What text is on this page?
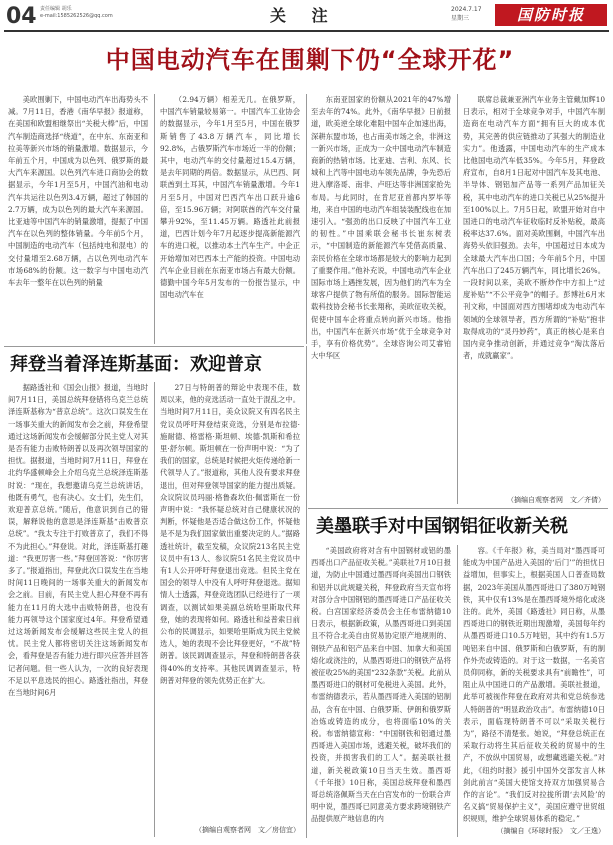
04 责任编辑 胡乐
e-mail:1585262526@qq.com	关 注	2024.7.17
星期三	国防时报
中国电动汽车在围剿下仍“全球开花”

美欧围剿下，中国电动汽车出海势头不减。7月11日，香港《南华早报》报道称，在美国和欧盟相继祭出“关税大棒”后，中国汽车制造商选择“绕道”，在中东、东南亚和拉美等新兴市场的销量激增。数据显示，今年前五个月，中国成为以色列、俄罗斯的最大汽车来源国。以色列汽车进口商协会的数据显示，今年1月至5月，中国汽油和电动汽车共运往以色列3.4万辆，超过了韩国的2.7万辆，成为以色列的最大汽车来源国。比亚迪等中国汽车的销量激增，提振了中国汽车在以色列的整体销量。今年前5个月，中国制造的电动汽车（包括纯电和混电）的交付量增至2.68万辆，占以色列电动汽车市场68%的份额。这一数字与中国电动汽车去年一整年在以色列的销量

（2.94万辆）相差无几。在俄罗斯，中国汽车销量较易第一。中国汽车工业协会的数据显示，今年1月至5月，中国在俄罗斯销售了43.8万辆汽车，同比增长92.8%，占俄罗斯汽车市场近一半的份额；其中，电动汽车的交付量超过15.4万辆，是去年同期的两倍。数据显示，从巴西、阿联酋到土耳其，中国汽车销量激增。今年1月至5月，中国对巴西汽车出口跃升逾6倍，至15.96万辆；对阿联酋的汽车交付量攀升92%，至11.45万辆。路透社此前报道，巴西计划今年7月起逐步提高新能源汽车的进口税，以推动本土汽车生产。中企正开始增加对巴西本土产能的投资。中国电动汽车企业目前在东南亚市场占有最大份额。德勤中国今年5月发布的一份报告显示，中国电动汽车在

东南亚国家的份额从2021年的47%增至去年的74%。此外，《南华早报》日前报道，欧美逆全球化难阻中国车企加速出海，深耕东盟市场，也占南美市场之余，非洲这一新兴市场，正成为一众中国电动汽车制造商新的热销市场。比亚迪、吉利、东风、长城和上汽等中国电动车领先品牌，争先恐后进入摩洛哥、南非、卢旺达等非洲国家抢先布局。与此同时，在肯尼亚首都内罗毕等地，来自中国的电动汽车组装装配线也在加速引入。“强劲的出口反映了中国汽车工业的韧性。”中国乘联会秘书长崔东树表示，“中国制造的新能源汽车凭借高质量、亲民价格在全球市场都是较大的影响力起到了重要作用。”他补充说，中国电动汽车企业国际市场上遇挫发展，因为他们的汽车为全球客户提供了物有所值的服务。国际智能运载科技协会秘书长张翔称，美欧征收关税，促使中国车企将重点转向新兴市场。他指出，中国汽车在新兴市场“优于全球竞争对手，享有价格优势”。全球咨询公司艾睿铂大中华区

联席总裁兼亚洲汽车业务主管戴加辉10日表示，相对于全球竞争对手，中国汽车制造商在电动汽车方面“拥有巨大的成本优势，其完善的供应链推动了其强大的制造业实力”。他透露，中国电动汽车的生产成本比他国电动汽车低35%。今年5月，拜登政府宣布，自8月1日起对中国汽车及其电池、半导体、钢铝加产品等一系列产品加征关税，其中电动汽车的进口关税已从25%提升至100%以上。7月5日起，欧盟开始对自中国进口的电动汽车征收临时反补贴税，最高税率达37.6%。面对美欧围剿，中国汽车出海势头依旧强劲。去年，中国超过日本成为全球最大汽车出口国；今年前5个月，中国汽车出口了245万辆汽车，同比增长26%。一段时间以来，美欧不断炒作中方扣上“过度补贴”“不公平竞争”的帽子。彭博社6月末刊文称，中国面对西方围堵却成为电动汽车领域的全球领导者，西方所谓的“补贴”抱非取得成功的“灵丹妙药”，真正的核心是来自国内竞争推动创新，并通过竞争“淘汰落后者，成就赢家”。

（摘编自观察者网　文／齐倩）
拜登当着泽连斯基面：欢迎普京

据路透社和《国会山报》报道，当地时间7月11日，美国总统拜登错将乌克兰总统泽连斯基称为“普京总统”。这次口误发生在一场事关重大的新闻发布会之前，拜登希望通过这场新闻发布会缓解部分民主党人对其是否有能力击败特朗普以及再次领导国家的担忧。据报道，当地时间7月11日，拜登在北约华盛顿峰会上介绍乌克兰总统泽连斯基时说：“现在，我想邀请乌克兰总统讲话，他既有勇气，也有决心。女士们，先生们，欢迎普京总统。”随后，他意识到自己的错误，解释说他的意思是泽连斯基“击败普京总统”。“我太专注于打败普京了，我们不得不为此担心。”拜登说。对此，泽连斯基打趣道：“我更厉害一些。”拜登回答说：“你厉害多了。”报道指出，拜登此次口误发生在当地时间11日晚间的一场事关重大的新闻发布会之前。目前，有民主党人担心拜登不再有能力在11月的大选中击败特朗普，也没有能力再领导这个国家度过4年。拜登希望通过这场新闻发布会缓解这些民主党人的担忧。民主党人都将密切关注这场新闻发布会，看拜登是否有能力进行即兴应答并回答记者问题。但一些人认为，一次的良好表现不足以平息选民的担心。路透社指出，拜登在当地时间6月

27日与特朗普的辩论中表现不佳，数周以来，他的竞选活动一直处于混乱之中。当地时间7月11日，美众议院又有四名民主党议员呼吁拜登结束竞选，分别是布拉德·施耐德、格雷格·斯坦顿、埃德·凯斯和希拉里·舒尔顿。斯坦顿在一份声明中说：“为了我们的国家，总统是时候把火炬传递给新一代领导人了。”报道称，其他人没有要求拜登退出，但对拜登领导国家的能力提出质疑。众议院议员玛丽·格鲁森坎伯·佩雷斯在一份声明中说：“我怀疑总统对自己健康状况的判断，怀疑他是否适合做这份工作，怀疑他是不是为我们国家做出重要决定的人。”据路透社统计，截至发稿，众议院213名民主党议员中有13人、参议院51名民主党议员中有1人公开呼吁拜登退出竞选。但民主党在国会的领导人中没有人呼吁拜登退选。据知情人士透露，拜登竞选团队已经进行了一项调查，以测试如果美副总统哈里斯取代拜登，她的表现将如何。路透社和益普索日前公布的民调显示，如果哈里斯成为民主党候选人，她的表现不会比拜登更好，“不战”特朗普。该民调调查显示，拜登和特朗普各获得40%的支持率。其他民调调查显示，特朗普对拜登的领先优势正在扩大。

（摘编自观察者网　文／房信宜）
美墨联手对中国钢铝征收新关税

“美国政府将对含有中国钢材或铝的墨西哥出口产品征收关税。”美联社7月10日报道，为防止中国通过墨西哥向美国出口钢铁和铝并以此规避关税，拜登政府当天宣布将对部分含中国钢铝的墨西哥进口产品征收关税。白宫国家经济委员会主任布雷纳德10日表示，根据新政策，从墨西哥进口到美国且不符合北美自由贸易协定原产地规则的、钢铁产品和铝产品来自中国、加拿大和美国熔化或浇注的，从墨西哥进口的钢铁产品将被征收25%的美国“232条款”关税。此前从墨西哥进口的钢材可免税进入美国。此外，布雷纳德表示，若从墨西哥进入美国的铝制品，含有在中国、白俄罗斯、伊朗和俄罗斯冶炼或铸造的成分，也将面临10%的关税。布雷纳德宣称：“中国钢铁和铝通过墨西哥进入美国市场，逃避关税，破坏我们的投资，并损害我们的工人”。据美联社报道，新关税政策10日当天生效。墨西哥《千年报》10日称，美国总统拜登和墨西哥总统洛佩斯当天在白宫发布的一份联合声明中说，墨西哥已同意美方要求跨境钢铁产品提供原产地信息的内

容。《千年报》称，美当局对“墨西哥可能成为中国产品进入美国的‘后门’”的担忧日益增加，但事实上，根据美国人口普查局数据，2023年美国从墨西哥进口了380万吨钢铁，其中仅有13%是在墨西哥境外熔化或浇注的。此外，美国《路透社》同日称，从墨西哥进口的钢铁近期出现激增，美国每年约从墨西哥进口10.5万吨铝，其中约有1.5万吨铝来自中国、俄罗斯和白俄罗斯，有的制作外壳或铸造的。对于这一数据，一名美官员仰同称，新的关税要求具有“前瞻性”，可阻止从中国进口的产品激增。美联社报道，此举可被视作拜登在政府对共和党总统参选人特朗普的“明显政治攻击”。布雷纳德10日表示，面临现特朗普不可以“采取关税行为”，路径不清楚张。她说，“拜登总统正在采取行动将生其后征收关税的贸易中的生产，不放纵中国贸易，或想藏逃避关税。”对此，《纽约时报》援引中国外交部发言人林剑此前言“美国大使馆支持双方加强贸易合作的言论”。“我们反对拉拢所谓‘去风险’的名义搞“贸易保护主义”，美国应遵守世贸组织规则，维护全球贸易体系的稳定。”

（摘编自《环球时报》　文／王逸）
